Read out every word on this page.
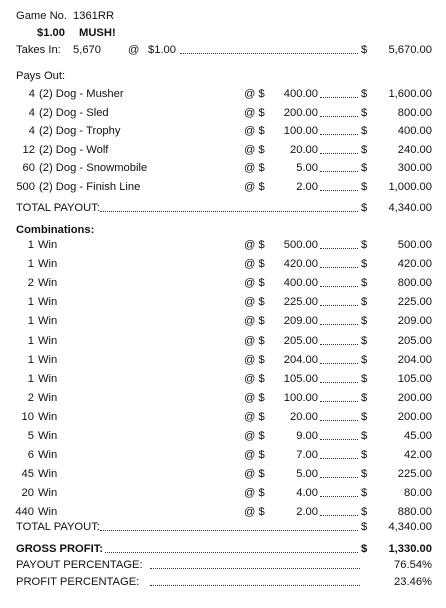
Game No. 1361RR
$1.00 MUSH!
Takes In: 5,670 @ $1.00	$	5,670.00
Pays Out:
4 (2) Dog - Musher	@ $	400.00	$	1,600.00
4 (2) Dog - Sled	@ $	200.00	$	800.00
4 (2) Dog - Trophy	@ $	100.00	$	400.00
12 (2) Dog - Wolf	@ $	20.00	$	240.00
60 (2) Dog - Snowmobile	@ $	5.00	$	300.00
500 (2) Dog - Finish Line	@ $	2.00	$	1,000.00
TOTAL PAYOUT:	$	4,340.00
Combinations:
1 Win	@ $	500.00	$	500.00
1 Win	@ $	420.00	$	420.00
2 Win	@ $	400.00	$	800.00
1 Win	@ $	225.00	$	225.00
1 Win	@ $	209.00	$	209.00
1 Win	@ $	205.00	$	205.00
1 Win	@ $	204.00	$	204.00
1 Win	@ $	105.00	$	105.00
2 Win	@ $	100.00	$	200.00
10 Win	@ $	20.00	$	200.00
5 Win	@ $	9.00	$	45.00
6 Win	@ $	7.00	$	42.00
45 Win	@ $	5.00	$	225.00
20 Win	@ $	4.00	$	80.00
440 Win	@ $	2.00	$	880.00
TOTAL PAYOUT:	$	4,340.00
GROSS PROFIT:	$	1,330.00
PAYOUT PERCENTAGE:	76.54%
PROFIT PERCENTAGE:	23.46%
